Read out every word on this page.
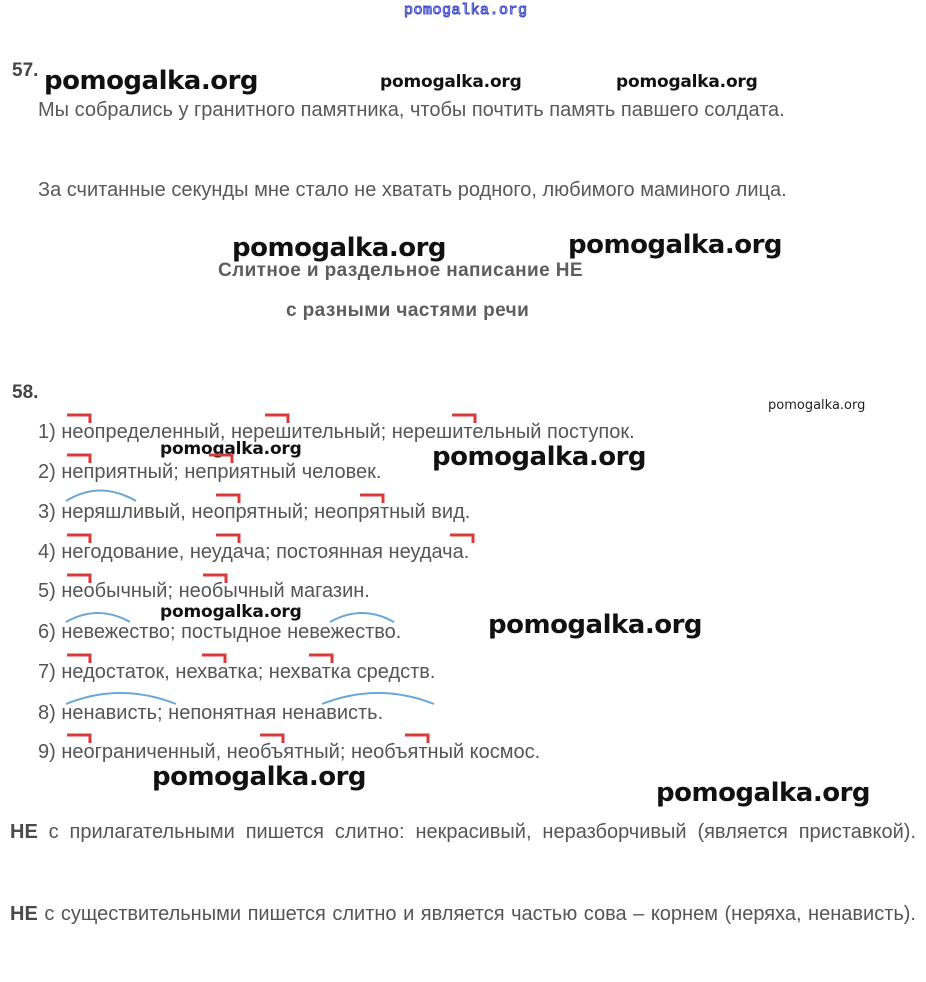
pomogalka.org
pomogalka.org	pomogalka.org	pomogalka.org
pomogalka.org	pomogalka.org
pomogalka.org
pomogalka.org	pomogalka.org
pomogalka.org	pomogalka.org
pomogalka.org
pomogalka.org
57.
Мы собрались у гранитного памятника, чтобы почтить память павшего солдата.
За считанные секунды мне стало не хватать родного, любимого маминого лица.
Слитное и раздельное написание НЕ
с разными частями речи
58.
1) неопределенный, нерешительный; нерешительный поступок.
2) неприятный; неприятный человек.
3) неряшливый, неопрятный; неопрятный вид.
4) негодование, неудача; постоянная неудача.
5) необычный; необычный магазин.
6) невежество; постыдное невежество.
7) недостаток, нехватка; нехватка средств.
8) ненависть; непонятная ненависть.
9) неограниченный, необъятный; необъятный космос.
НЕ с прилагательными пишется слитно: некрасивый, неразборчивый (является приставкой).
НЕ с существительными пишется слитно и является частью сова – корнем (неряха, ненависть).
